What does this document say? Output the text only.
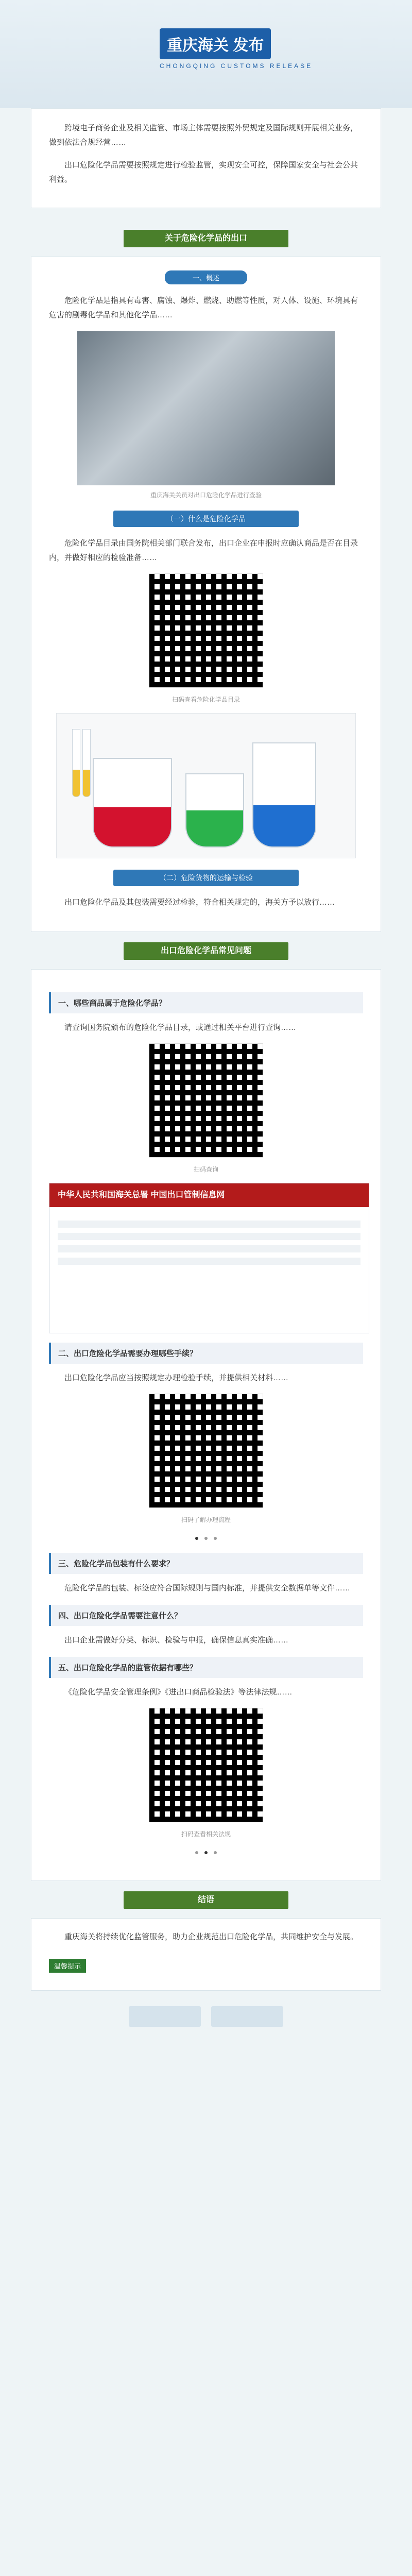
重庆海关 发布
CHONGQING CUSTOMS RELEASE

跨境电子商务企业及相关监管、市场主体需要按照外贸规定及国际规则开展相关业务，做到依法合规经营……

出口危险化学品需要按照规定进行检验监管，实现安全可控，保障国家安全与社会公共利益。

关于危险化学品的出口
一、概述

危险化学品是指具有毒害、腐蚀、爆炸、燃烧、助燃等性质，对人体、设施、环境具有危害的剧毒化学品和其他化学品……

重庆海关关员对出口危险化学品进行查验
（一）什么是危险化学品

危险化学品目录由国务院相关部门联合发布，出口企业在申报时应确认商品是否在目录内，并做好相应的检验准备……

扫码查看危险化学品目录
（二）危险货物的运输与检验

出口危险化学品及其包装需要经过检验，符合相关规定的，海关方予以放行……

出口危险化学品常见问题
一、哪些商品属于危险化学品？

请查询国务院颁布的危险化学品目录，或通过相关平台进行查询……

扫码查询
中华人民共和国海关总署 中国出口管制信息网
二、出口危险化学品需要办理哪些手续？

出口危险化学品应当按照规定办理检验手续，并提供相关材料……

扫码了解办理流程

三、危险化学品包装有什么要求？

危险化学品的包装、标签应符合国际规则与国内标准，并提供安全数据单等文件……

四、出口危险化学品需要注意什么？

出口企业需做好分类、标识、检验与申报，确保信息真实准确……

五、出口危险化学品的监管依据有哪些？

《危险化学品安全管理条例》《进出口商品检验法》等法律法规……

扫码查看相关法规

结语

重庆海关将持续优化监管服务，助力企业规范出口危险化学品，共同维护安全与发展。

温馨提示
